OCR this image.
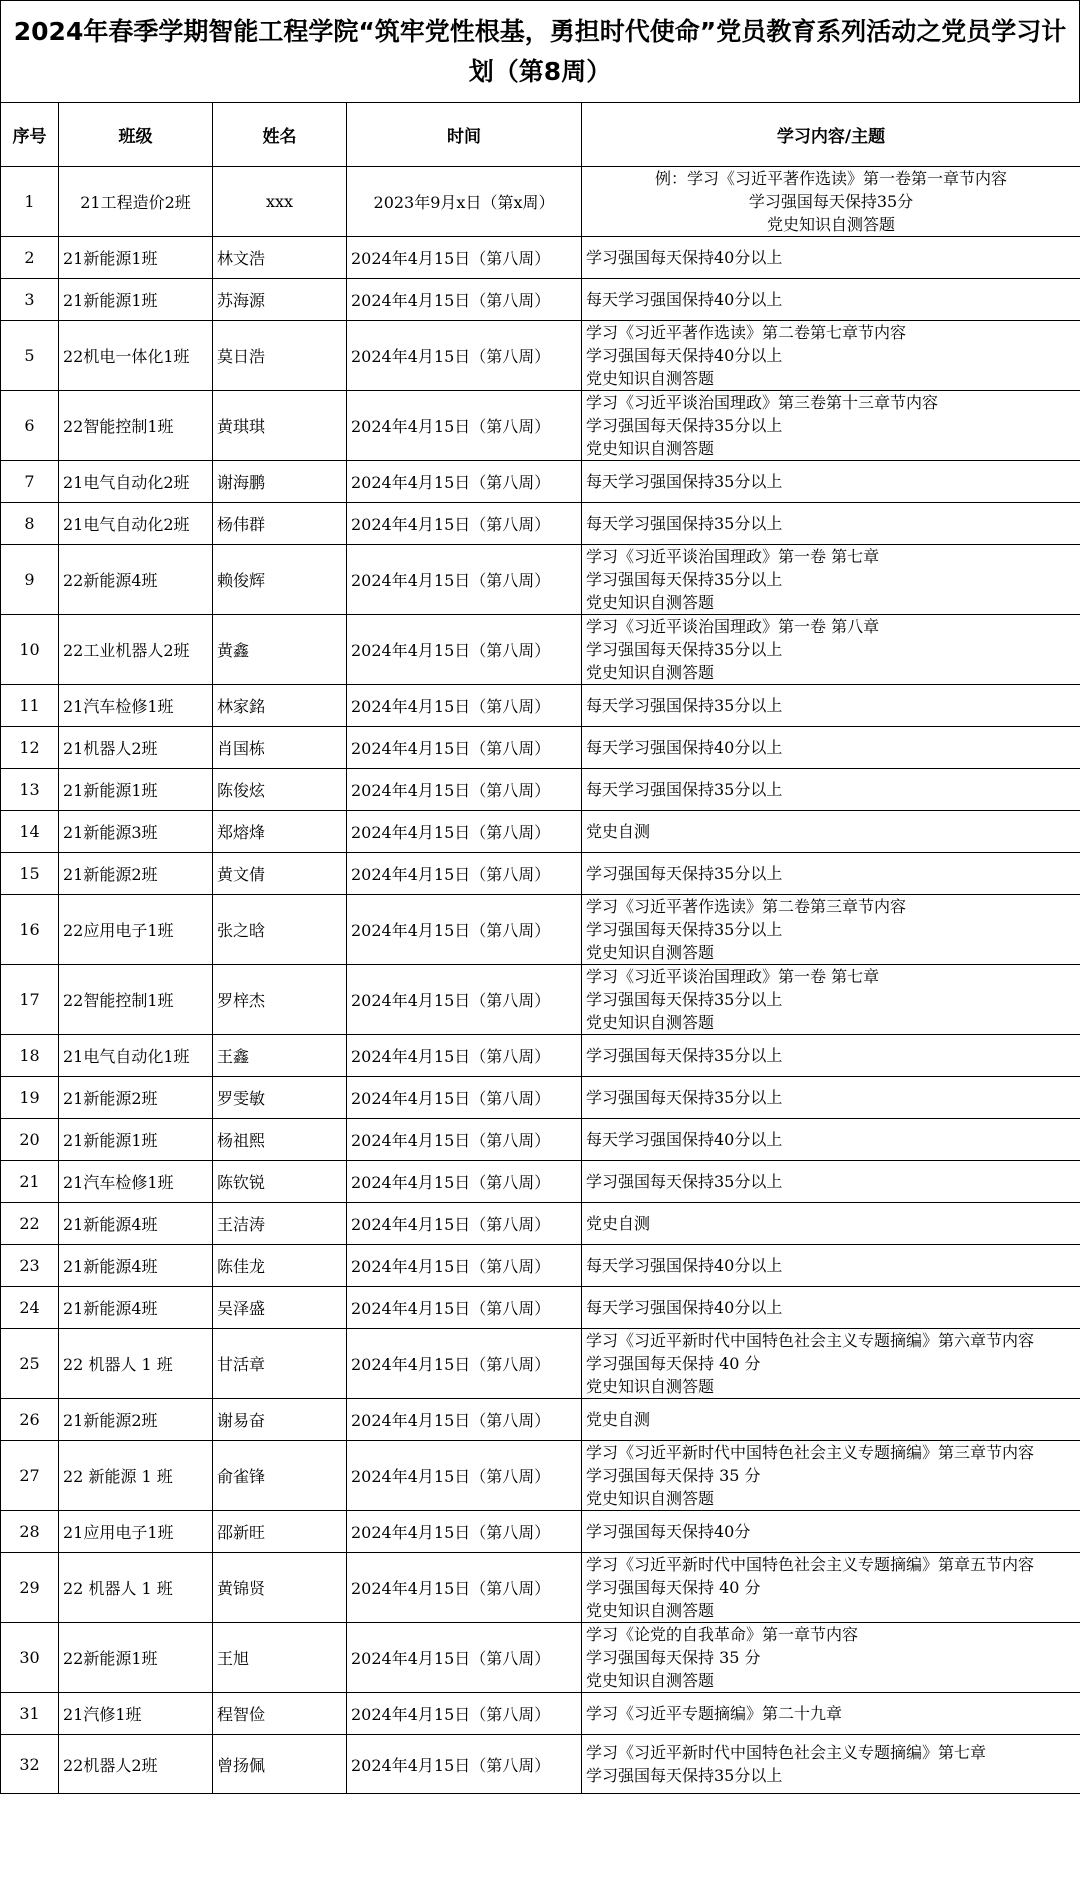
2024年春季学期智能工程学院“筑牢党性根基，勇担时代使命”党员教育系列活动之党员学习计划（第8周）
序号	班级	姓名	时间	学习内容/主题
1	21工程造价2班	xxx	2023年9月x日（第x周）	例：学习《习近平著作选读》第一卷第一章节内容
学习强国每天保持35分
党史知识自测答题

2	21新能源1班	林文浩	2024年4月15日（第八周）	学习强国每天保持40分以上

3	21新能源1班	苏海源	2024年4月15日（第八周）	每天学习强国保持40分以上

5	22机电一体化1班	莫日浩	2024年4月15日（第八周）	学习《习近平著作选读》第二卷第七章节内容
学习强国每天保持40分以上
党史知识自测答题

6	22智能控制1班	黄琪琪	2024年4月15日（第八周）	学习《习近平谈治国理政》第三卷第十三章节内容
学习强国每天保持35分以上
党史知识自测答题

7	21电气自动化2班	谢海鹏	2024年4月15日（第八周）	每天学习强国保持35分以上

8	21电气自动化2班	杨伟群	2024年4月15日（第八周）	每天学习强国保持35分以上

9	22新能源4班	赖俊辉	2024年4月15日（第八周）	学习《习近平谈治国理政》第一卷 第七章
学习强国每天保持35分以上
党史知识自测答题

10	22工业机器人2班	黄鑫	2024年4月15日（第八周）	学习《习近平谈治国理政》第一卷 第八章
学习强国每天保持35分以上
党史知识自测答题

11	21汽车检修1班	林家銘	2024年4月15日（第八周）	每天学习强国保持35分以上

12	21机器人2班	肖国栋	2024年4月15日（第八周）	每天学习强国保持40分以上

13	21新能源1班	陈俊炫	2024年4月15日（第八周）	每天学习强国保持35分以上

14	21新能源3班	郑熔烽	2024年4月15日（第八周）	党史自测

15	21新能源2班	黄文倩	2024年4月15日（第八周）	学习强国每天保持35分以上

16	22应用电子1班	张之晗	2024年4月15日（第八周）	学习《习近平著作选读》第二卷第三章节内容
学习强国每天保持35分以上
党史知识自测答题

17	22智能控制1班	罗梓杰	2024年4月15日（第八周）	学习《习近平谈治国理政》第一卷 第七章
学习强国每天保持35分以上
党史知识自测答题

18	21电气自动化1班	王鑫	2024年4月15日（第八周）	学习强国每天保持35分以上

19	21新能源2班	罗雯敏	2024年4月15日（第八周）	学习强国每天保持35分以上

20	21新能源1班	杨祖熙	2024年4月15日（第八周）	每天学习强国保持40分以上

21	21汽车检修1班	陈钦锐	2024年4月15日（第八周）	学习强国每天保持35分以上

22	21新能源4班	王洁涛	2024年4月15日（第八周）	党史自测

23	21新能源4班	陈佳龙	2024年4月15日（第八周）	每天学习强国保持40分以上

24	21新能源4班	吴泽盛	2024年4月15日（第八周）	每天学习强国保持40分以上

25	22 机器人 1 班	甘活章	2024年4月15日（第八周）	学习《习近平新时代中国特色社会主义专题摘编》第六章节内容
学习强国每天保持 40 分
党史知识自测答题

26	21新能源2班	谢易奋	2024年4月15日（第八周）	党史自测

27	22 新能源 1 班	俞雀锋	2024年4月15日（第八周）	学习《习近平新时代中国特色社会主义专题摘编》第三章节内容
学习强国每天保持 35 分
党史知识自测答题

28	21应用电子1班	邵新旺	2024年4月15日（第八周）	学习强国每天保持40分

29	22 机器人 1 班	黄锦贤	2024年4月15日（第八周）	学习《习近平新时代中国特色社会主义专题摘编》第章五节内容
学习强国每天保持 40 分
党史知识自测答题

30	22新能源1班	王旭	2024年4月15日（第八周）	学习《论党的自我革命》第一章节内容
学习强国每天保持 35 分
党史知识自测答题

31	21汽修1班	程智俭	2024年4月15日（第八周）	学习《习近平专题摘编》第二十九章

32	22机器人2班	曾扬佩	2024年4月15日（第八周）	学习《习近平新时代中国特色社会主义专题摘编》第七章
学习强国每天保持35分以上
